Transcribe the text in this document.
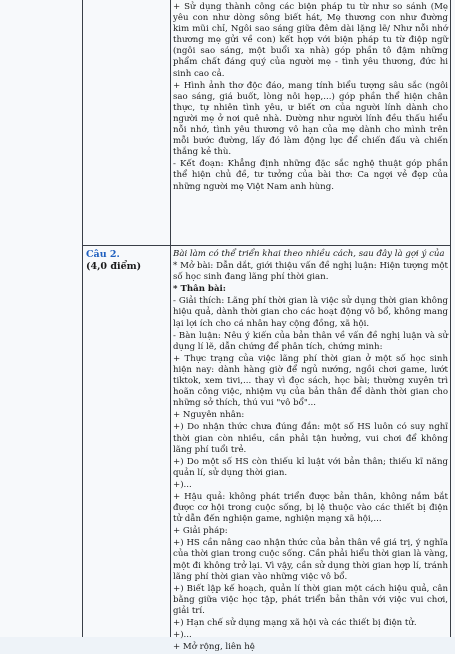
+ Sử dụng thành công các biện pháp tu từ như so sánh (Mẹ yêu con như dòng sông biết hát, Mẹ thương con như đường kim mũi chỉ, Ngôi sao sáng giữa đêm dài lặng lẽ/ Như nỗi nhớ thương mẹ gửi về con) kết hợp với biện pháp tu từ điệp ngữ (ngôi sao sáng, một buổi xa nhà) góp phần tô đậm những phẩm chất đáng quý của người mẹ - tình yêu thương, đức hi sinh cao cả.

+ Hình ảnh thơ độc đáo, mang tính biểu tượng sâu sắc (ngôi sao sáng, giá buốt, lòng nôi hẹp,...) góp phần thể hiện chân thực, tự nhiên tình yêu, ư biết ơn của người lính dành cho người mẹ ở nơi quê nhà. Dường như người lính đều thấu hiểu nỗi nhớ, tình yêu thương vô hạn của mẹ dành cho mình trên mỗi bước đường, lấy đó làm động lực để chiến đấu và chiến thắng kẻ thù.

- Kết đoạn: Khẳng định những đặc sắc nghệ thuật góp phần thể hiện chủ đề, tư tưởng của bài thơ: Ca ngợi vẻ đẹp của những người mẹ Việt Nam anh hùng.

Câu 2.
(4,0 điểm)

Bài làm có thể triển khai theo nhiều cách, sau đây là gợi ý của

* Mở bài: Dẫn dắt, giới thiệu vấn đề nghị luận: Hiện tượng một số học sinh đang lãng phí thời gian.

* Thân bài:

- Giải thích: Lãng phí thời gian là việc sử dụng thời gian không hiệu quả, dành thời gian cho các hoạt động vô bổ, không mang lại lợi ích cho cá nhân hay cộng đồng, xã hội.

- Bàn luận: Nêu ý kiến của bản thân về vấn đề nghị luận và sử dụng lí lẽ, dẫn chứng để phân tích, chứng minh:

+ Thực trạng của việc lãng phí thời gian ở một số học sinh hiện nay: dành hàng giờ để ngủ nướng, ngồi chơi game, lướt tiktok, xem tivi,... thay vì đọc sách, học bài; thường xuyên trì hoãn công việc, nhiệm vụ của bản thân để dành thời gian cho những sở thích, thú vui "vô bổ"...

+ Nguyên nhân:

+) Do nhận thức chưa đúng đắn: một số HS luôn có suy nghĩ thời gian còn nhiều, cần phải tận hưởng, vui chơi để không lãng phí tuổi trẻ.

+) Do một số HS còn thiếu kỉ luật với bản thân; thiếu kĩ năng quản lí, sử dụng thời gian.

+)...

+ Hậu quả: không phát triển được bản thân, không nắm bắt được cơ hội trong cuộc sống, bị lệ thuộc vào các thiết bị điện tử dẫn đến nghiện game, nghiện mạng xã hội,...

+ Giải pháp:

+) HS cần nâng cao nhận thức của bản thân về giá trị, ý nghĩa của thời gian trong cuộc sống. Cần phải hiểu thời gian là vàng, một đi không trở lại. Vì vậy, cần sử dụng thời gian hợp lí, tránh lãng phí thời gian vào những việc vô bổ.

+) Biết lập kế hoạch, quản lí thời gian một cách hiệu quả, cân bằng giữa việc học tập, phát triển bản thân với việc vui chơi, giải trí.

+) Hạn chế sử dụng mạng xã hội và các thiết bị điện tử.

+)...

+ Mở rộng, liên hệ
